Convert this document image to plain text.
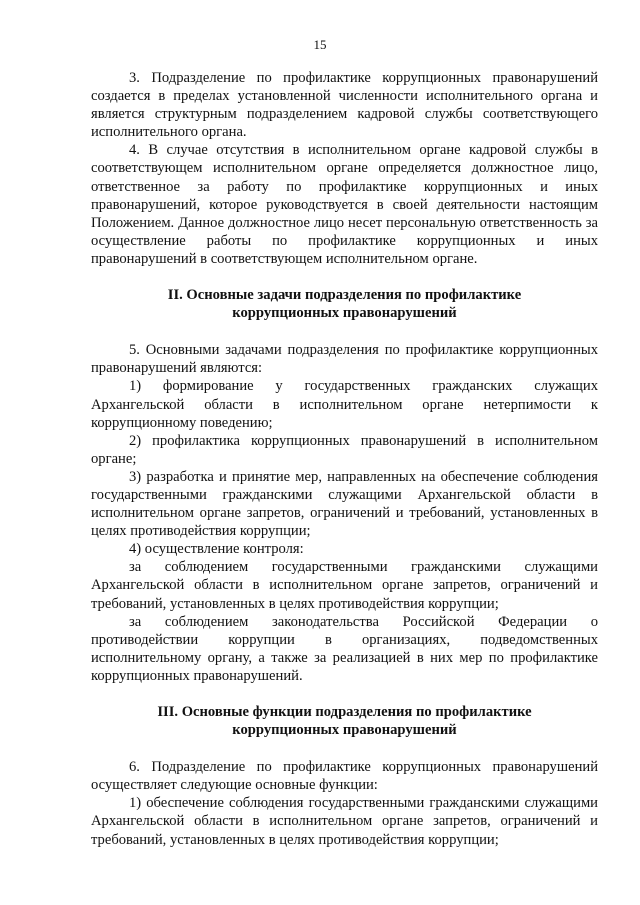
15

3. Подразделение по профилактике коррупционных правонарушений создается в пределах установленной численности исполнительного органа и является структурным подразделением кадровой службы соответствующего исполнительного органа.

4. В случае отсутствия в исполнительном органе кадровой службы в соответствующем исполнительном органе определяется должностное лицо, ответственное за работу по профилактике коррупционных и иных правонарушений, которое руководствуется в своей деятельности настоящим Положением. Данное должностное лицо несет персональную ответственность за осуществление работы по профилактике коррупционных и иных правонарушений в соответствующем исполнительном органе.

II. Основные задачи подразделения по профилактике
коррупционных правонарушений

5. Основными задачами подразделения по профилактике коррупционных правонарушений являются:

1) формирование у государственных гражданских служащих Архангельской области в исполнительном органе нетерпимости к коррупционному поведению;

2) профилактика коррупционных правонарушений в исполнительном органе;

3) разработка и принятие мер, направленных на обеспечение соблюдения государственными гражданскими служащими Архангельской области в исполнительном органе запретов, ограничений и требований, установленных в целях противодействия коррупции;

4) осуществление контроля:

за соблюдением государственными гражданскими служащими Архангельской области в исполнительном органе запретов, ограничений и требований, установленных в целях противодействия коррупции;

за соблюдением законодательства Российской Федерации о противодействии коррупции в организациях, подведомственных исполнительному органу, а также за реализацией в них мер по профилактике коррупционных правонарушений.

III. Основные функции подразделения по профилактике
коррупционных правонарушений

6. Подразделение по профилактике коррупционных правонарушений осуществляет следующие основные функции:

1) обеспечение соблюдения государственными гражданскими служащими Архангельской области в исполнительном органе запретов, ограничений и требований, установленных в целях противодействия коррупции;
